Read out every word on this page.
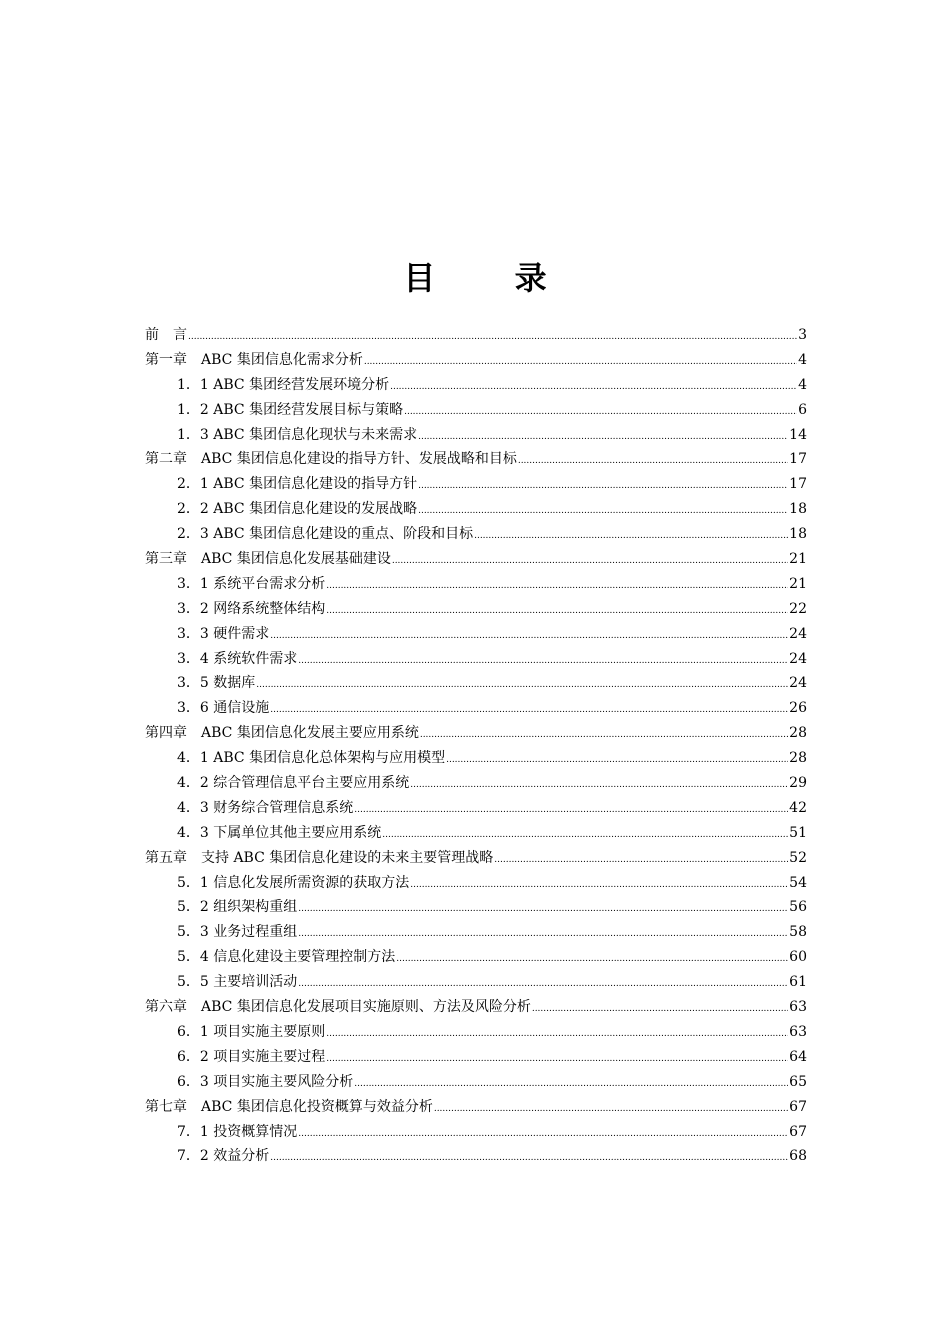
目 录
前　言 .....	3
第一章　ABC 集团信息化需求分析 .....	4
1．1 ABC 集团经营发展环境分析 .....	4
1．2 ABC 集团经营发展目标与策略 .....	6
1．3 ABC 集团信息化现状与未来需求 .....	14
第二章　ABC 集团信息化建设的指导方针、发展战略和目标 .....	17
2．1 ABC 集团信息化建设的指导方针 .....	17
2．2 ABC 集团信息化建设的发展战略 .....	18
2．3 ABC 集团信息化建设的重点、阶段和目标 .....	18
第三章　ABC 集团信息化发展基础建设 .....	21
3．1 系统平台需求分析 .....	21
3．2 网络系统整体结构 .....	22
3．3 硬件需求 .....	24
3．4 系统软件需求 .....	24
3．5 数据库 .....	24
3．6 通信设施 .....	26
第四章　ABC 集团信息化发展主要应用系统 .....	28
4．1 ABC 集团信息化总体架构与应用模型 .....	28
4．2 综合管理信息平台主要应用系统 .....	29
4．3 财务综合管理信息系统 .....	42
4．3 下属单位其他主要应用系统 .....	51
第五章　支持 ABC 集团信息化建设的未来主要管理战略 .....	52
5．1 信息化发展所需资源的获取方法 .....	54
5．2 组织架构重组 .....	56
5．3 业务过程重组 .....	58
5．4 信息化建设主要管理控制方法 .....	60
5．5 主要培训活动 .....	61
第六章　ABC 集团信息化发展项目实施原则、方法及风险分析 .....	63
6．1 项目实施主要原则 .....	63
6．2 项目实施主要过程 .....	64
6．3 项目实施主要风险分析 .....	65
第七章　ABC 集团信息化投资概算与效益分析 .....	67
7．1 投资概算情况 .....	67
7．2 效益分析 .....	68
